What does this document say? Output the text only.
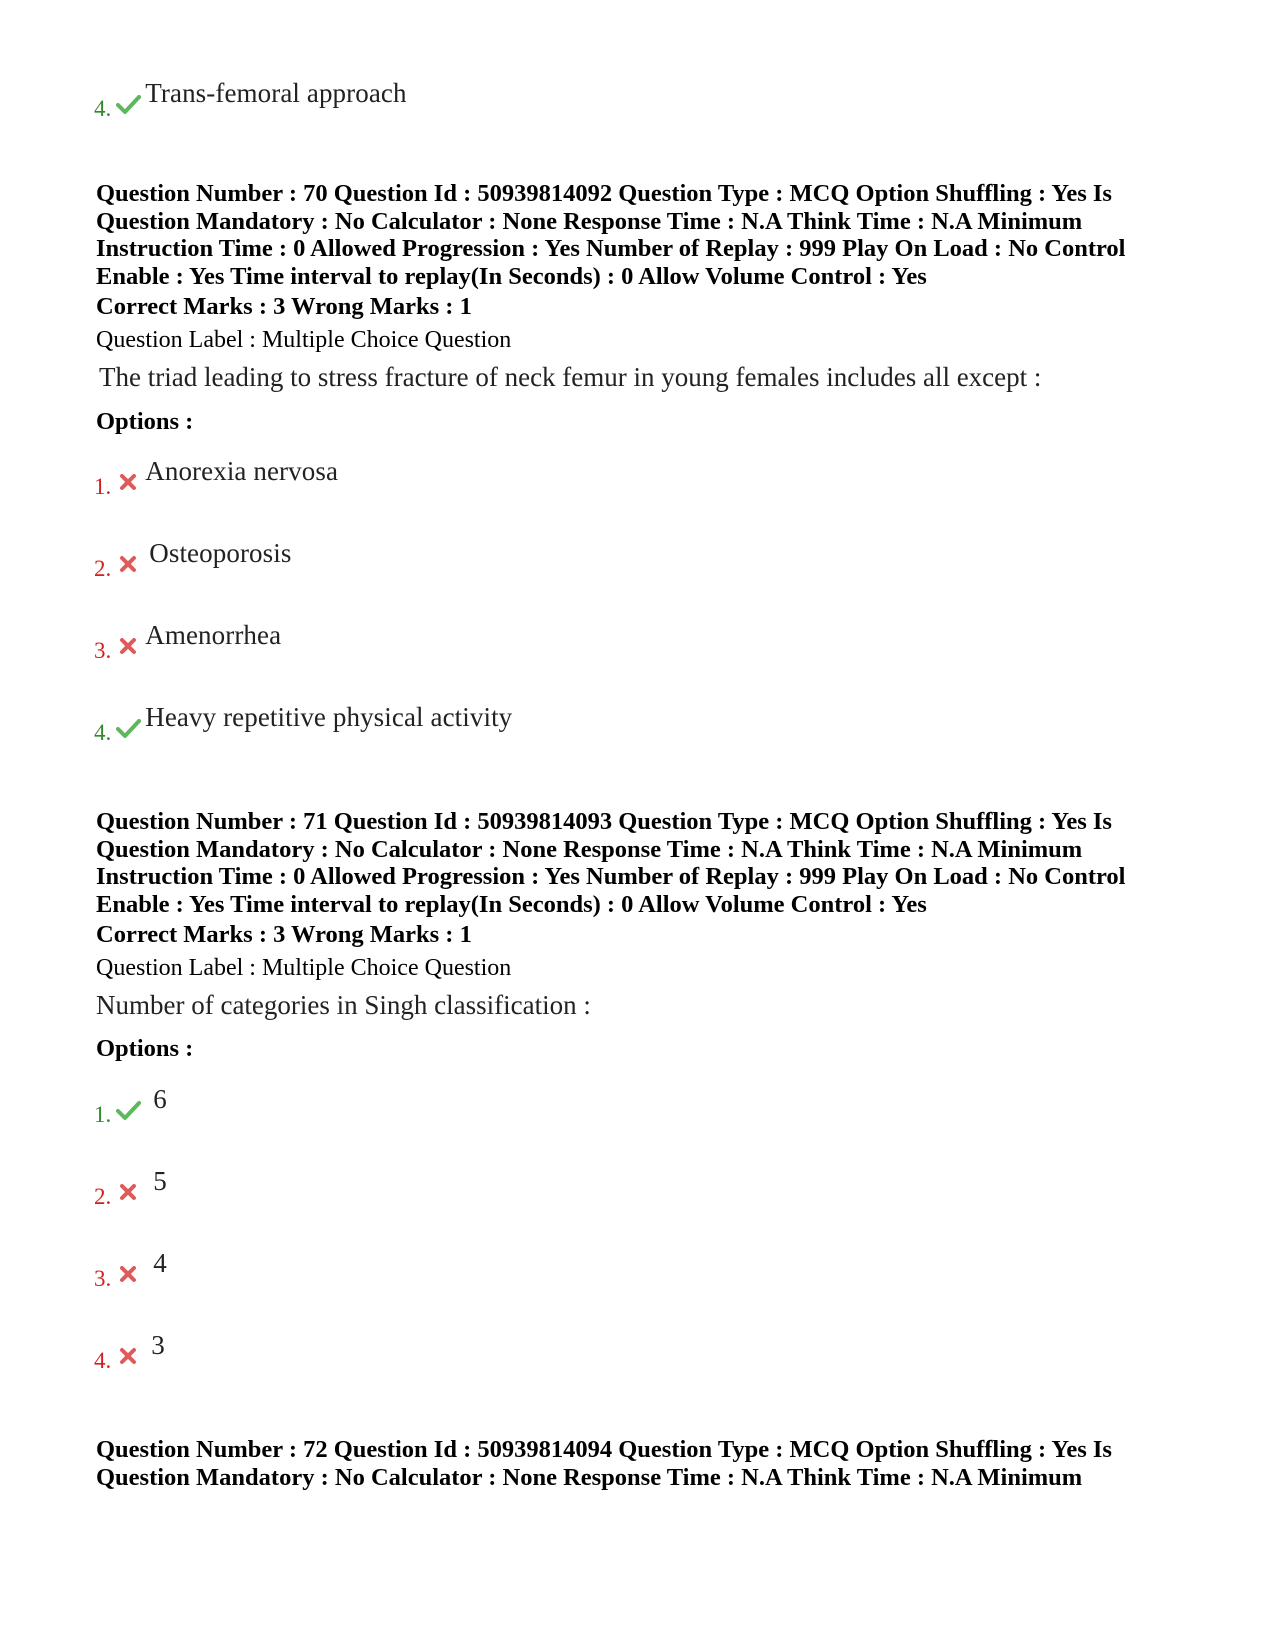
4.
Trans-femoral approach
Question Number : 70 Question Id : 50939814092 Question Type : MCQ Option Shuffling : Yes Is
Question Mandatory : No Calculator : None Response Time : N.A Think Time : N.A Minimum
Instruction Time : 0 Allowed Progression : Yes Number of Replay : 999 Play On Load : No Control
Enable : Yes Time interval to replay(In Seconds) : 0 Allow Volume Control : Yes
Correct Marks : 3 Wrong Marks : 1
Question Label : Multiple Choice Question
The triad leading to stress fracture of neck femur in young females includes all except :
Options :
1.
Anorexia nervosa
2.
Osteoporosis
3.
Amenorrhea
4.
Heavy repetitive physical activity
Question Number : 71 Question Id : 50939814093 Question Type : MCQ Option Shuffling : Yes Is
Question Mandatory : No Calculator : None Response Time : N.A Think Time : N.A Minimum
Instruction Time : 0 Allowed Progression : Yes Number of Replay : 999 Play On Load : No Control
Enable : Yes Time interval to replay(In Seconds) : 0 Allow Volume Control : Yes
Correct Marks : 3 Wrong Marks : 1
Question Label : Multiple Choice Question
Number of categories in Singh classification :
Options :
1.
6
2.
5
3.
4
4.
3
Question Number : 72 Question Id : 50939814094 Question Type : MCQ Option Shuffling : Yes Is
Question Mandatory : No Calculator : None Response Time : N.A Think Time : N.A Minimum
